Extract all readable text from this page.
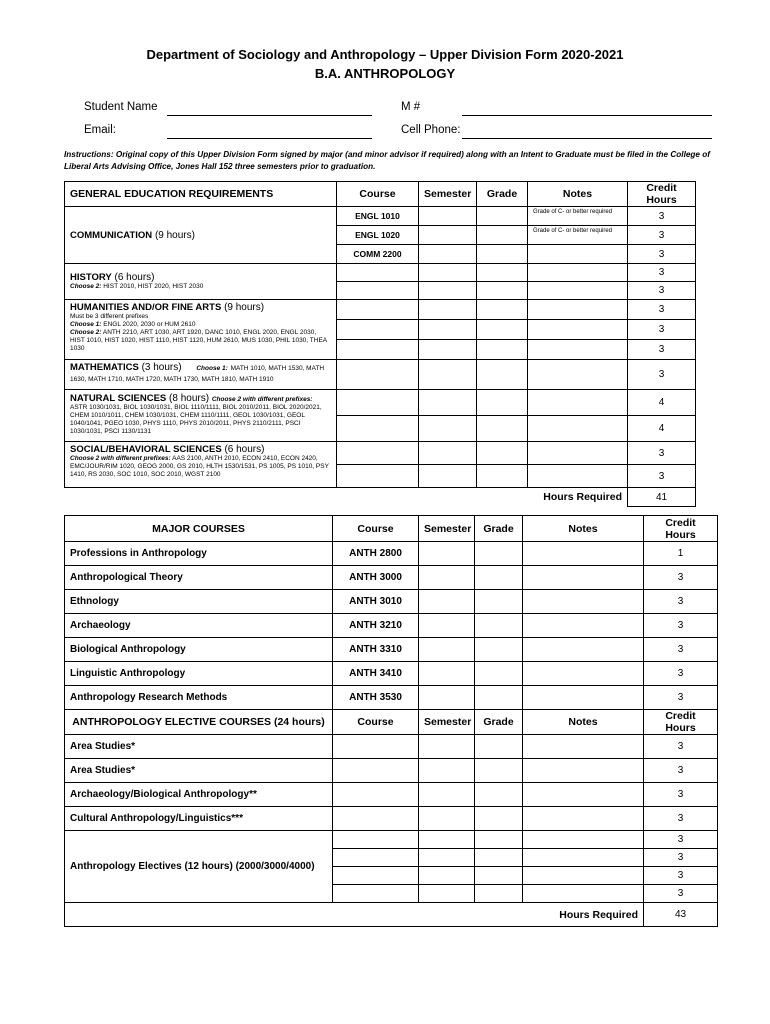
Department of Sociology and Anthropology – Upper Division Form 2020-2021
B.A. ANTHROPOLOGY
Student Name	M #
Email:	Cell Phone:
Instructions: Original copy of this Upper Division Form signed by major (and minor advisor if required) along with an Intent to Graduate must be filed in the College of Liberal Arts Advising Office, Jones Hall 152 three semesters prior to graduation.
GENERAL EDUCATION REQUIREMENTS	Course	Semester	Grade	Notes	Credit Hours
COMMUNICATION (9 hours)	ENGL 1010			Grade of C- or better required	3
	ENGL 1020			Grade of C- or better required	3
	COMM 2200				3

HISTORY (6 hours)
Choose 2: HIST 2010, HIST 2020, HIST 2030					3
					3

HUMANITIES AND/OR FINE ARTS (9 hours)
Must be 3 different prefixes
Choose 1: ENGL 2020, 2030 or HUM 2610
Choose 2: ANTH 2210, ART 1030, ART 1920, DANC 1010, ENGL 2020, ENGL 2030, HIST 1010, HIST 1020, HIST 1110, HIST 1120, HUM 2610, MUS 1030, PHIL 1030, THEA 1030					3
					3
					3

MATHEMATICS (3 hours) Choose 1: MATH 1010, MATH 1530, MATH 1630, MATH 1710, MATH 1720, MATH 1730, MATH 1810, MATH 1910					3

NATURAL SCIENCES (8 hours) Choose 2 with different prefixes:
ASTR 1030/1031, BIOL 1030/1031, BIOL 1110/1111, BIOL 2010/2011, BIOL 2020/2021, CHEM 1010/1011, CHEM 1030/1031, CHEM 1110/1111, GEOL 1030/1031, GEOL 1040/1041, PGEO 1030, PHYS 1110, PHYS 2010/2011, PHYS 2110/2111, PSCI 1030/1031, PSCI 1130/1131					4
					4

SOCIAL/BEHAVIORAL SCIENCES (6 hours)
Choose 2 with different prefixes: AAS 2100, ANTH 2010, ECON 2410, ECON 2420, EMC/JOUR/RIM 1020, GEOG 2000, GS 2010, HLTH 1530/1531, PS 1005, PS 1010, PSY 1410, RS 2030, SOC 1010, SOC 2010, WGST 2100					3
					3
Hours Required					41
MAJOR COURSES	Course	Semester	Grade	Notes	Credit Hours
Professions in Anthropology	ANTH 2800				1
Anthropological Theory	ANTH 3000				3
Ethnology	ANTH 3010				3
Archaeology	ANTH 3210				3
Biological Anthropology	ANTH 3310				3
Linguistic Anthropology	ANTH 3410				3
Anthropology Research Methods	ANTH 3530				3
ANTHROPOLOGY ELECTIVE COURSES (24 hours)	Course	Semester	Grade	Notes	Credit Hours
Area Studies*					3
Area Studies*					3
Archaeology/Biological Anthropology**					3
Cultural Anthropology/Linguistics***					3
Anthropology Electives (12 hours) (2000/3000/4000)					3
					3
					3
					3
Hours Required					43
